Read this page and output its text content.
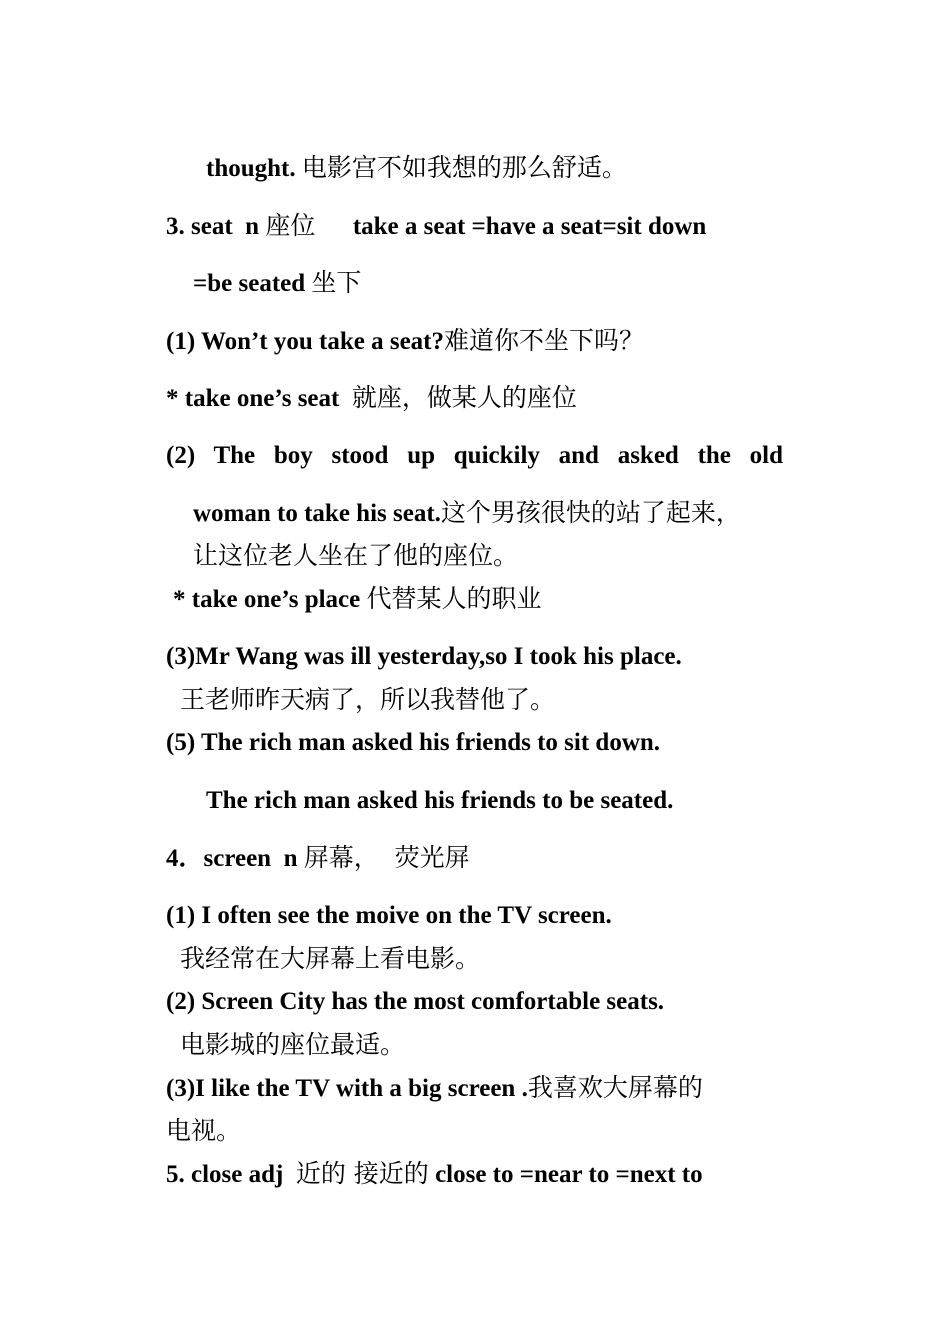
thought. 电影宫不如我想的那么舒适。
3. seat  n 座位      take a seat =have a seat=sit down
=be seated 坐下
(1) Won’t you take a seat?难道你不坐下吗？
* take one’s seat  就座，做某人的座位
(2) The boy stood up quickily and asked the old
woman to take his seat.这个男孩很快的站了起来，
让这位老人坐在了他的座位。
* take one’s place 代替某人的职业
(3)Mr Wang was ill yesterday,so I took his place.
王老师昨天病了，所以我替他了。
(5) The rich man asked his friends to sit down.
The rich man asked his friends to be seated.
4．screen  n 屏幕，  荧光屏
(1) I often see the moive on the TV screen.
我经常在大屏幕上看电影。
(2) Screen City has the most comfortable seats.
电影城的座位最适。
(3)I like the TV with a big screen .我喜欢大屏幕的
电视。
5. close adj  近的 接近的 close to =near to =next to
